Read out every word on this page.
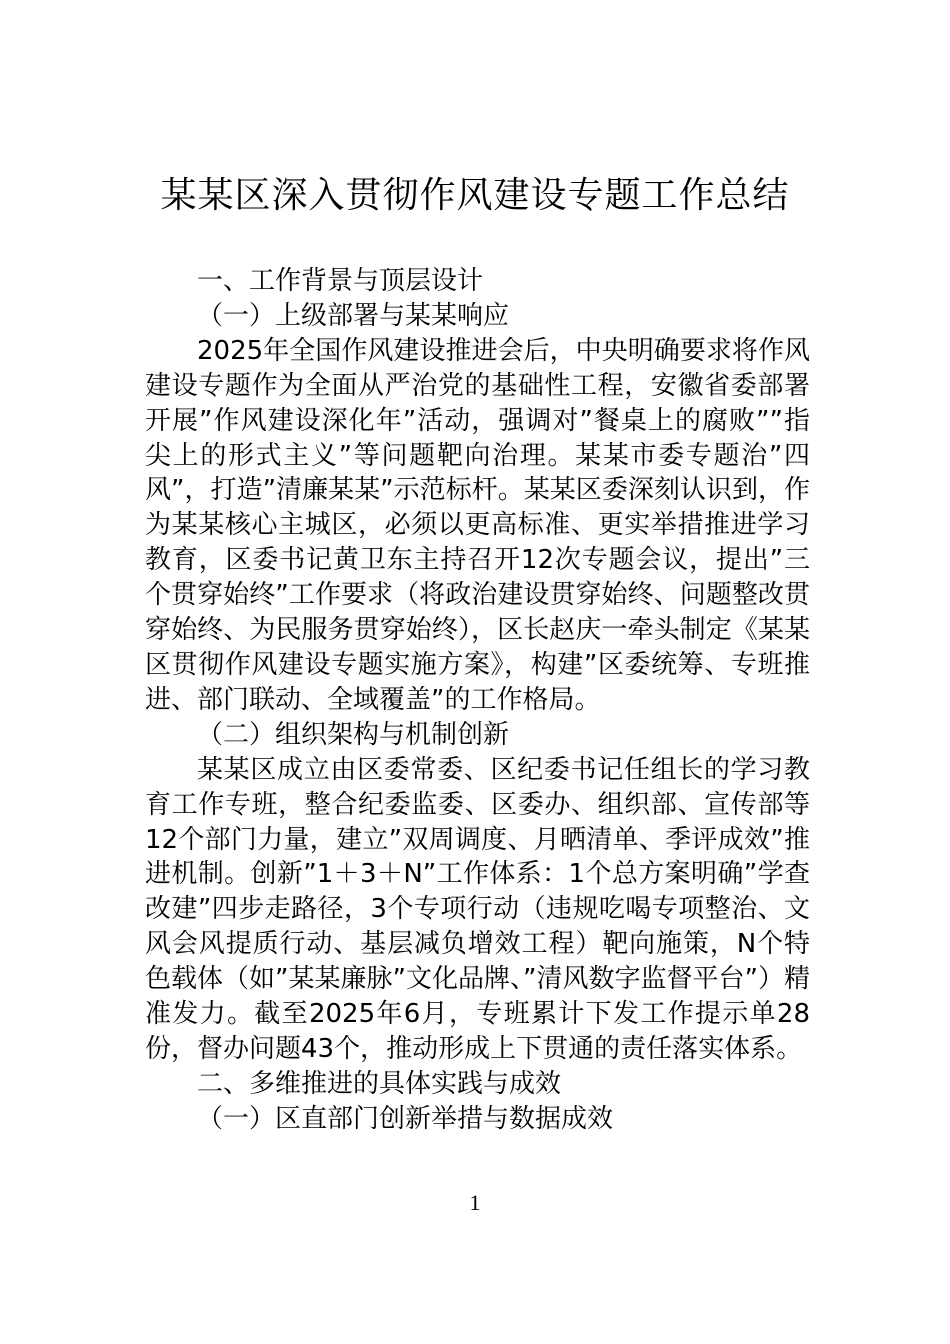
某某区深入贯彻作风建设专题工作总结

一、工作背景与顶层设计

（一）上级部署与某某响应

2025年全国作风建设推进会后，中央明确要求将作风建设专题作为全面从严治党的基础性工程，安徽省委部署开展”作风建设深化年”活动，强调对”餐桌上的腐败””指尖上的形式主义”等问题靶向治理。某某市委专题治”四风”，打造”清廉某某”示范标杆。某某区委深刻认识到，作为某某核心主城区，必须以更高标准、更实举措推进学习教育，区委书记黄卫东主持召开12次专题会议，提出”三个贯穿始终”工作要求（将政治建设贯穿始终、问题整改贯穿始终、为民服务贯穿始终），区长赵庆一牵头制定《某某区贯彻作风建设专题实施方案》，构建”区委统筹、专班推进、部门联动、全域覆盖”的工作格局。

（二）组织架构与机制创新

某某区成立由区委常委、区纪委书记任组长的学习教育工作专班，整合纪委监委、区委办、组织部、宣传部等12个部门力量，建立”双周调度、月晒清单、季评成效”推进机制。创新”1＋3＋N”工作体系：1个总方案明确”学查改建”四步走路径，3个专项行动（违规吃喝专项整治、文风会风提质行动、基层减负增效工程）靶向施策，N个特色载体（如”某某廉脉”文化品牌、”清风数字监督平台”）精准发力。截至2025年6月，专班累计下发工作提示单28份，督办问题43个，推动形成上下贯通的责任落实体系。

二、多维推进的具体实践与成效

（一）区直部门创新举措与数据成效

1
